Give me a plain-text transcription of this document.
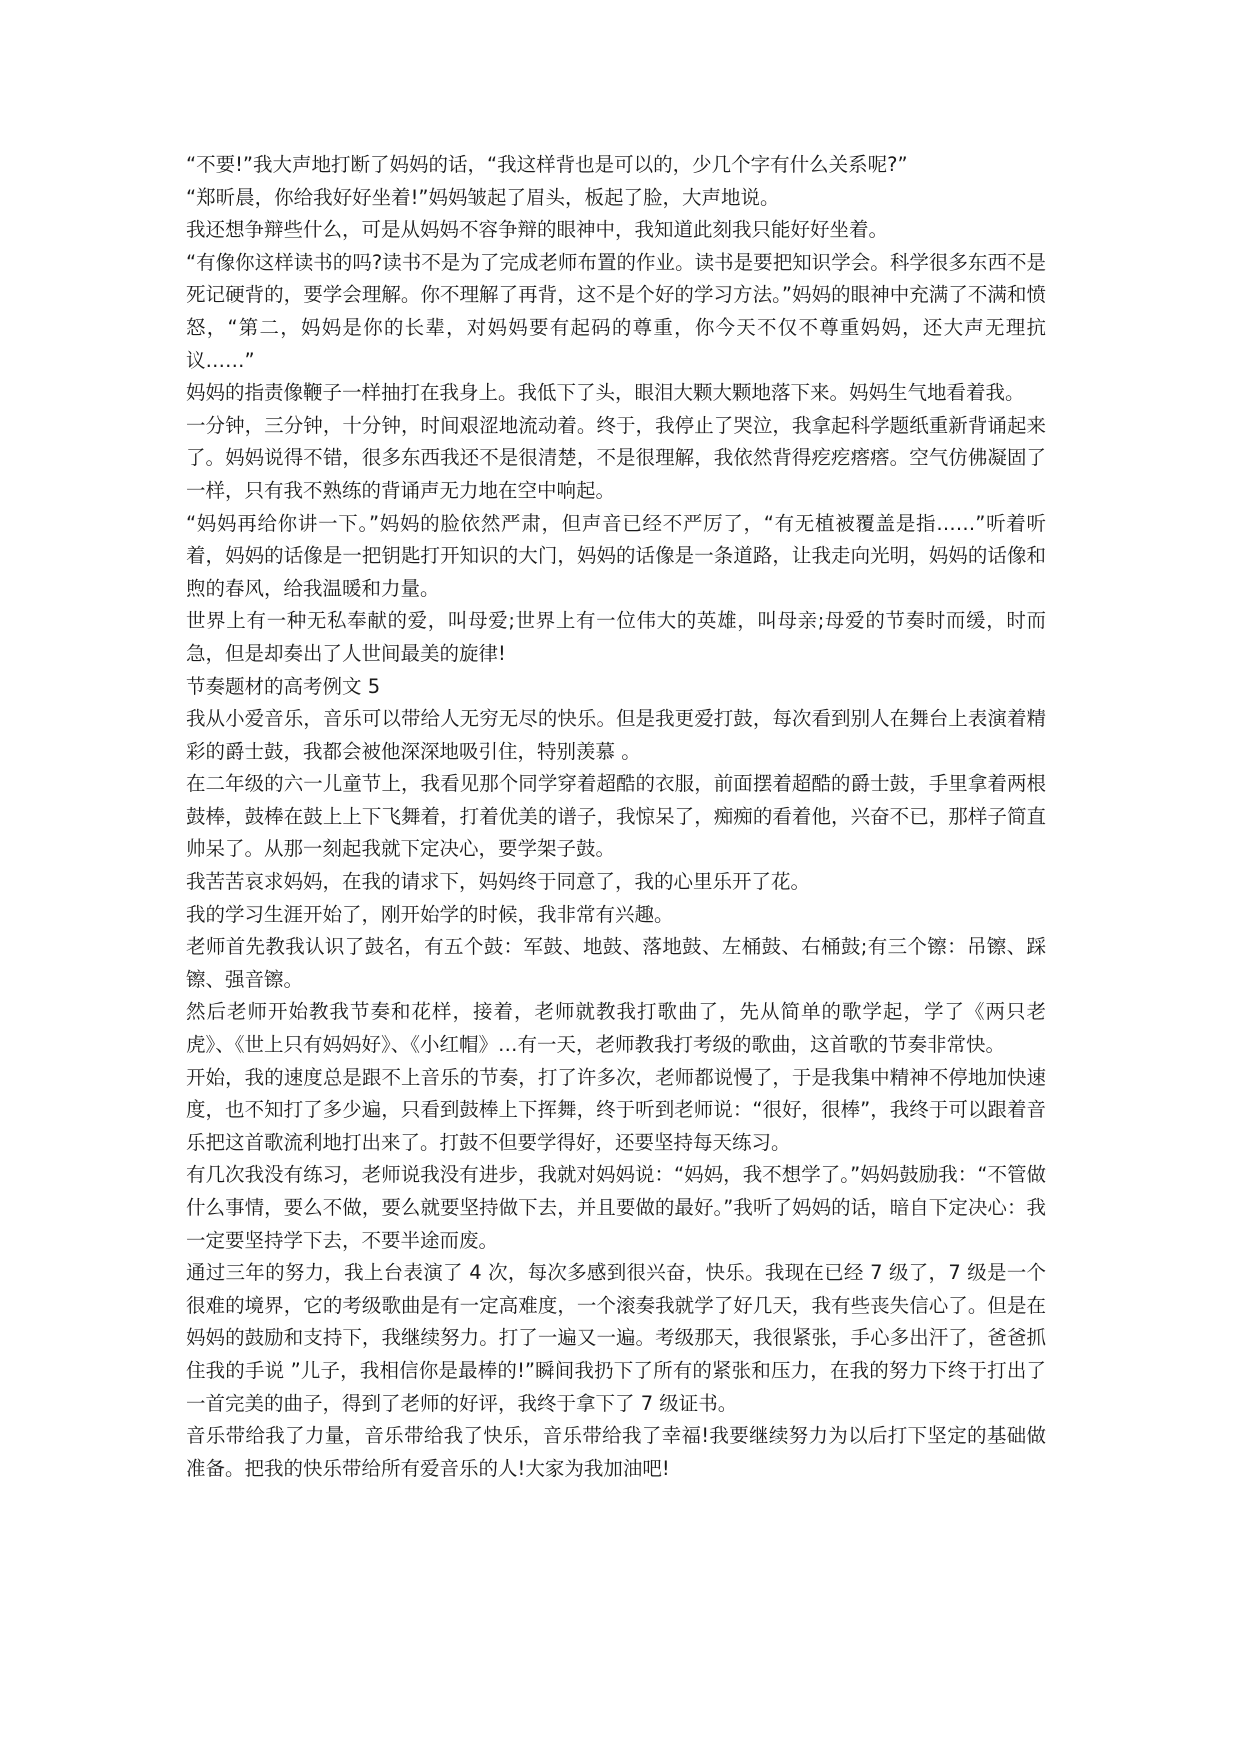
“不要!”我大声地打断了妈妈的话，“我这样背也是可以的，少几个字有什么关系呢?”

“郑昕晨，你给我好好坐着!”妈妈皱起了眉头，板起了脸，大声地说。

我还想争辩些什么，可是从妈妈不容争辩的眼神中，我知道此刻我只能好好坐着。

“有像你这样读书的吗?读书不是为了完成老师布置的作业。读书是要把知识学会。科学很多东西不是死记硬背的，要学会理解。你不理解了再背，这不是个好的学习方法。”妈妈的眼神中充满了不满和愤怒，“第二，妈妈是你的长辈，对妈妈要有起码的尊重，你今天不仅不尊重妈妈，还大声无理抗议……”

妈妈的指责像鞭子一样抽打在我身上。我低下了头，眼泪大颗大颗地落下来。妈妈生气地看着我。

一分钟，三分钟，十分钟，时间艰涩地流动着。终于，我停止了哭泣，我拿起科学题纸重新背诵起来了。妈妈说得不错，很多东西我还不是很清楚，不是很理解，我依然背得疙疙瘩瘩。空气仿佛凝固了一样，只有我不熟练的背诵声无力地在空中响起。

“妈妈再给你讲一下。”妈妈的脸依然严肃，但声音已经不严厉了，“有无植被覆盖是指……”听着听着，妈妈的话像是一把钥匙打开知识的大门，妈妈的话像是一条道路，让我走向光明，妈妈的话像和煦的春风，给我温暖和力量。

世界上有一种无私奉献的爱，叫母爱;世界上有一位伟大的英雄，叫母亲;母爱的节奏时而缓，时而急，但是却奏出了人世间最美的旋律!

节奏题材的高考例文 5

我从小爱音乐，音乐可以带给人无穷无尽的快乐。但是我更爱打鼓，每次看到别人在舞台上表演着精彩的爵士鼓，我都会被他深深地吸引住，特别羡慕 。

在二年级的六一儿童节上，我看见那个同学穿着超酷的衣服，前面摆着超酷的爵士鼓，手里拿着两根鼓棒，鼓棒在鼓上上下飞舞着，打着优美的谱子，我惊呆了，痴痴的看着他，兴奋不已，那样子简直帅呆了。从那一刻起我就下定决心，要学架子鼓。

我苦苦哀求妈妈，在我的请求下，妈妈终于同意了，我的心里乐开了花。

我的学习生涯开始了，刚开始学的时候，我非常有兴趣。

老师首先教我认识了鼓名，有五个鼓：军鼓、地鼓、落地鼓、左桶鼓、右桶鼓;有三个镲：吊镲、踩镲、强音镲。

然后老师开始教我节奏和花样，接着，老师就教我打歌曲了，先从简单的歌学起，学了《两只老虎》、《世上只有妈妈好》、《小红帽》…有一天，老师教我打考级的歌曲，这首歌的节奏非常快。

开始，我的速度总是跟不上音乐的节奏，打了许多次，老师都说慢了，于是我集中精神不停地加快速度，也不知打了多少遍，只看到鼓棒上下挥舞，终于听到老师说：“很好，很棒”，我终于可以跟着音乐把这首歌流利地打出来了。打鼓不但要学得好，还要坚持每天练习。

有几次我没有练习，老师说我没有进步，我就对妈妈说：“妈妈，我不想学了。”妈妈鼓励我：“不管做什么事情，要么不做，要么就要坚持做下去，并且要做的最好。”我听了妈妈的话，暗自下定决心：我一定要坚持学下去，不要半途而废。

通过三年的努力，我上台表演了 4 次，每次多感到很兴奋，快乐。我现在已经 7 级了，7 级是一个很难的境界，它的考级歌曲是有一定高难度，一个滚奏我就学了好几天，我有些丧失信心了。但是在妈妈的鼓励和支持下，我继续努力。打了一遍又一遍。考级那天，我很紧张，手心多出汗了，爸爸抓住我的手说 ”儿子，我相信你是最棒的!”瞬间我扔下了所有的紧张和压力，在我的努力下终于打出了一首完美的曲子，得到了老师的好评，我终于拿下了 7 级证书。

音乐带给我了力量，音乐带给我了快乐，音乐带给我了幸福!我要继续努力为以后打下坚定的基础做准备。把我的快乐带给所有爱音乐的人!大家为我加油吧!
